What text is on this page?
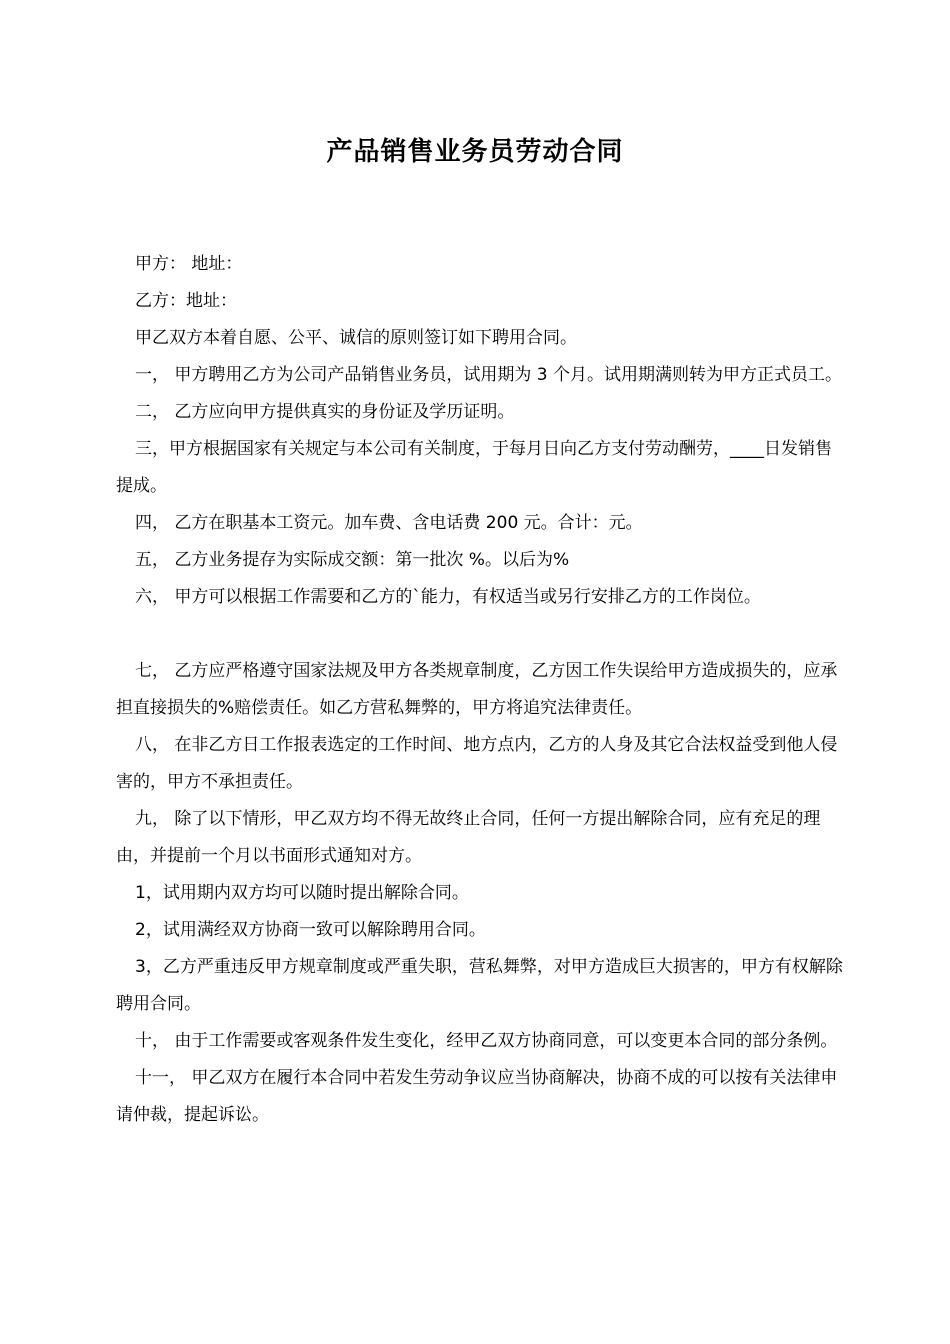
产品销售业务员劳动合同

甲方： 地址：

乙方：地址：

甲乙双方本着自愿、公平、诚信的原则签订如下聘用合同。

一， 甲方聘用乙方为公司产品销售业务员，试用期为 3 个月。试用期满则转为甲方正式员工。

二， 乙方应向甲方提供真实的身份证及学历证明。

三，甲方根据国家有关规定与本公司有关制度，于每月日向乙方支付劳动酬劳，____日发销售提成。

四， 乙方在职基本工资元。加车费、含电话费 200 元。合计：元。

五， 乙方业务提存为实际成交额：第一批次 %。以后为%

六， 甲方可以根据工作需要和乙方的`能力，有权适当或另行安排乙方的工作岗位。

七， 乙方应严格遵守国家法规及甲方各类规章制度，乙方因工作失误给甲方造成损失的，应承担直接损失的%赔偿责任。如乙方营私舞弊的，甲方将追究法律责任。

八， 在非乙方日工作报表选定的工作时间、地方点内，乙方的人身及其它合法权益受到他人侵害的，甲方不承担责任。

九， 除了以下情形，甲乙双方均不得无故终止合同，任何一方提出解除合同，应有充足的理由，并提前一个月以书面形式通知对方。

1，试用期内双方均可以随时提出解除合同。

2，试用满经双方协商一致可以解除聘用合同。

3，乙方严重违反甲方规章制度或严重失职，营私舞弊，对甲方造成巨大损害的，甲方有权解除聘用合同。

十， 由于工作需要或客观条件发生变化，经甲乙双方协商同意，可以变更本合同的部分条例。

十一， 甲乙双方在履行本合同中若发生劳动争议应当协商解决，协商不成的可以按有关法律申请仲裁，提起诉讼。
